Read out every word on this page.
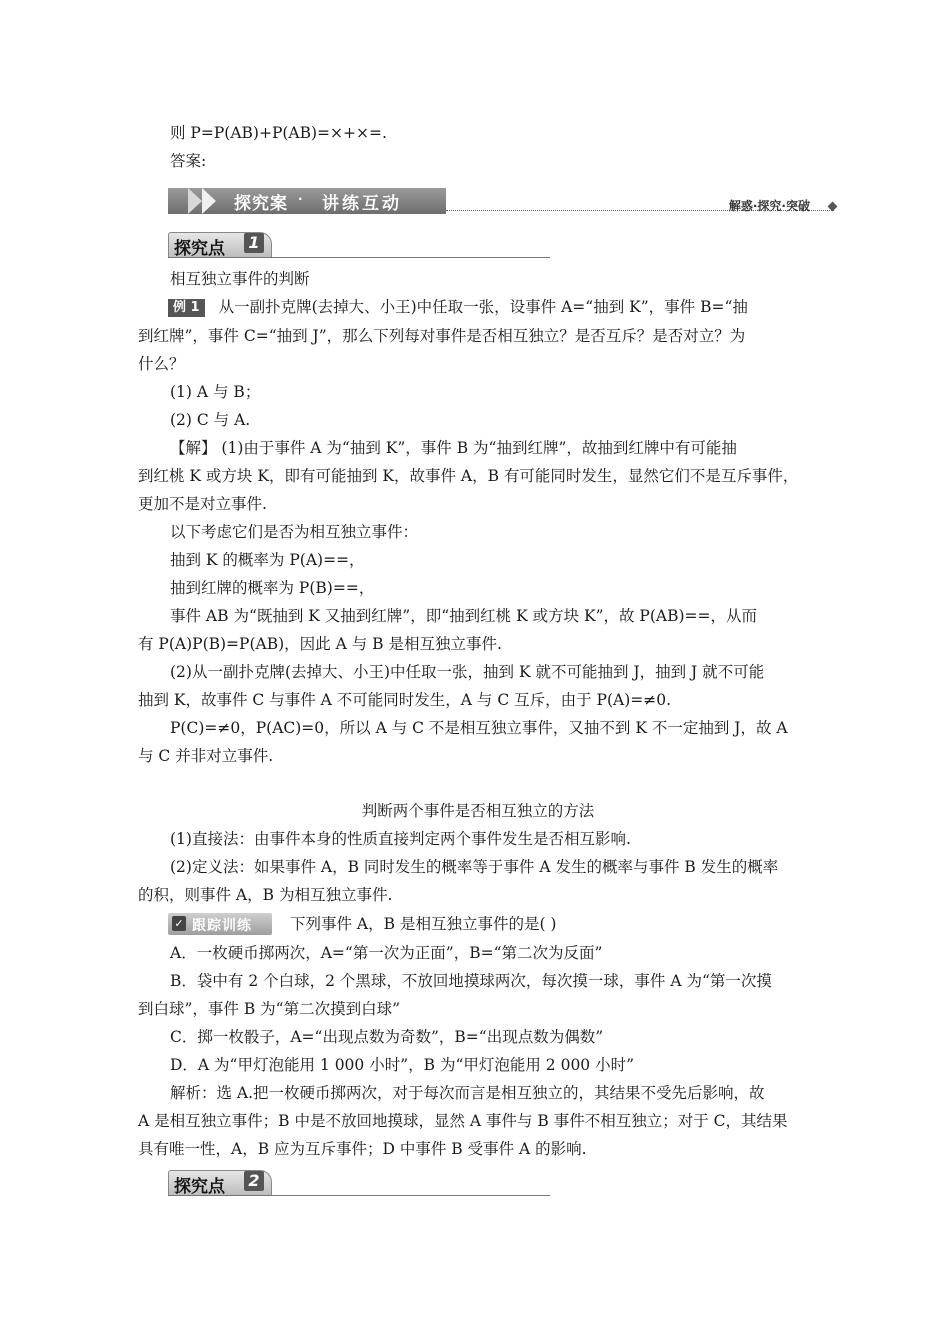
则 P=P(AB)+P(AB)=×+×=.
答案:
探究案 · 讲练互动	解惑·探究·突破
探究点 1
相互独立事件的判断
例 1 从一副扑克牌(去掉大、小王)中任取一张，设事件 A=“抽到 K”，事件 B=“抽
到红牌”，事件 C=“抽到 J”，那么下列每对事件是否相互独立？是否互斥？是否对立？为
什么？
(1) A 与 B；
(2) C 与 A.
【解】 (1)由于事件 A 为“抽到 K”，事件 B 为“抽到红牌”，故抽到红牌中有可能抽
到红桃 K 或方块 K，即有可能抽到 K，故事件 A，B 有可能同时发生，显然它们不是互斥事件，
更加不是对立事件.
以下考虑它们是否为相互独立事件：
抽到 K 的概率为 P(A)==，
抽到红牌的概率为 P(B)==，
事件 AB 为“既抽到 K 又抽到红牌”，即“抽到红桃 K 或方块 K”，故 P(AB)==，从而
有 P(A)P(B)=P(AB)，因此 A 与 B 是相互独立事件.
(2)从一副扑克牌(去掉大、小王)中任取一张，抽到 K 就不可能抽到 J，抽到 J 就不可能
抽到 K，故事件 C 与事件 A 不可能同时发生，A 与 C 互斥，由于 P(A)=≠0.
P(C)=≠0，P(AC)=0，所以 A 与 C 不是相互独立事件，又抽不到 K 不一定抽到 J，故 A
与 C 并非对立事件.
判断两个事件是否相互独立的方法
(1)直接法：由事件本身的性质直接判定两个事件发生是否相互影响.
(2)定义法：如果事件 A，B 同时发生的概率等于事件 A 发生的概率与事件 B 发生的概率
的积，则事件 A，B 为相互独立事件.
✓ 跟踪训练 下列事件 A，B 是相互独立事件的是( )
A．一枚硬币掷两次，A=“第一次为正面”，B=“第二次为反面”
B．袋中有 2 个白球，2 个黑球，不放回地摸球两次，每次摸一球，事件 A 为“第一次摸
到白球”，事件 B 为“第二次摸到白球”
C．掷一枚骰子，A=“出现点数为奇数”，B=“出现点数为偶数”
D．A 为“甲灯泡能用 1 000 小时”，B 为“甲灯泡能用 2 000 小时”
解析：选 A.把一枚硬币掷两次，对于每次而言是相互独立的，其结果不受先后影响，故
A 是相互独立事件；B 中是不放回地摸球，显然 A 事件与 B 事件不相互独立；对于 C，其结果
具有唯一性，A，B 应为互斥事件；D 中事件 B 受事件 A 的影响.
探究点 2
